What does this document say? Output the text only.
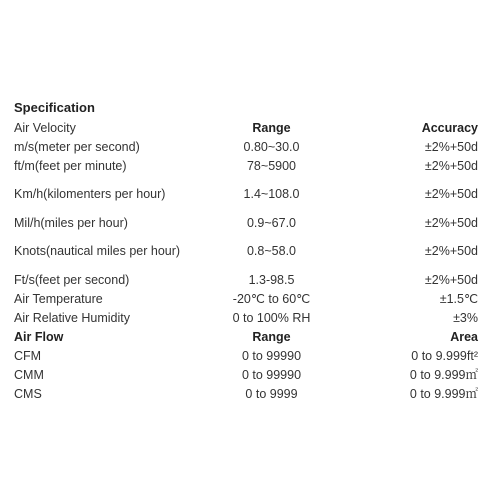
Specification
Air Velocity	Range	Accuracy
m/s(meter per second)	0.80~30.0	±2%+50d
ft/m(feet per minute)	78~5900	±2%+50d
Km/h(kilomenters per hour)	1.4~108.0	±2%+50d
Mil/h(miles per hour)	0.9~67.0	±2%+50d
Knots(nautical miles per hour)	0.8~58.0	±2%+50d
Ft/s(feet per second)	1.3-98.5	±2%+50d
Air Temperature	-20℃ to 60℃	±1.5℃
Air Relative Humidity	0 to 100% RH	±3%
Air Flow	Range	Area
CFM	0 to 99990	0 to 9.999ft²
CMM	0 to 99990	0 to 9.999㎡
CMS	0 to 9999	0 to 9.999㎡
